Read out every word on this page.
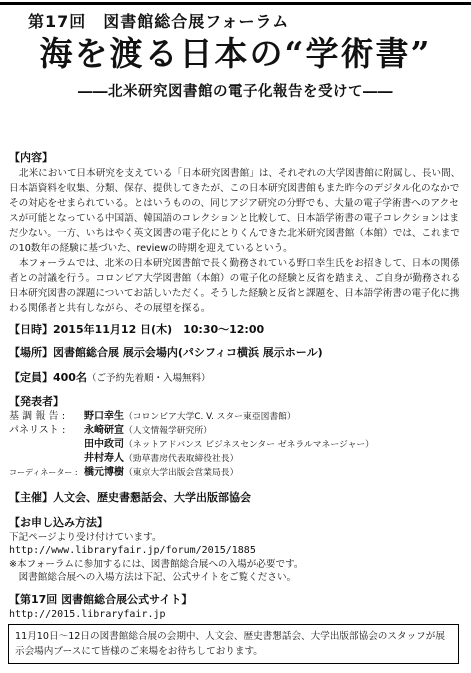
第17回　図書館総合展フォーラム
海を渡る日本の“学術書”
――北米研究図書館の電子化報告を受けて――
【内容】

北米において日本研究を支えている「日本研究図書館」は、それぞれの大学図書館に附属し、長い間、日本語資料を収集、分類、保存、提供してきたが、この日本研究図書館もまた昨今のデジタル化のなかでその対応をせまられている。とはいうものの、同じアジア研究の分野でも、大量の電子学術書へのアクセスが可能となっている中国語、韓国語のコレクションと比較して、日本語学術書の電子コレクションはまだ少ない。一方、いちはやく英文図書の電子化にとりくんできた北米研究図書館（本館）では、これまでの10数年の経験に基づいた、reviewの時期を迎えているという。

本フォーラムでは、北米の日本研究図書館で長く勤務されている野口幸生氏をお招きして、日本の関係者との討議を行う。コロンビア大学図書館（本館）の電子化の経験と反省を踏まえ、ご自身が勤務される日本研究図書の課題についてお話しいただく。そうした経験と反省と課題を、日本語学術書の電子化に携わる関係者と共有しながら、その展望を探る。

【日時】2015年11月12 日(木)　10:30～12:00
【場所】図書館総合展 展示会場内(パシフィコ横浜 展示ホール)
【定員】400名（ご予約先着順・入場無料）
【発表者】
基 調 報 告 : 野口幸生（コロンビア大学C. V. スター東亞図書館）
パネリスト : 永崎研宣（人文情報学研究所）
田中政司（ネットアドバンス ビジネスセンター ゼネラルマネージャー）
井村寿人（勁草書房代表取締役社長）
コーディネーター : 橋元博樹（東京大学出版会営業局長）
【主催】人文会、歴史書懇話会、大学出版部協会
【お申し込み方法】
下記ページより受け付けています。
http://www.libraryfair.jp/forum/2015/1885
※本フォーラムに参加するには、図書館総合展への入場が必要です。
　図書館総合展への入場方法は下記、公式サイトをご覧ください。
【第17回 図書館総合展公式サイト】
http://2015.libraryfair.jp
11月10日～12日の図書館総合展の会期中、人文会、歴史書懇話会、大学出版部協会のスタッフが展示会場内ブースにて皆様のご来場をお待ちしております。
